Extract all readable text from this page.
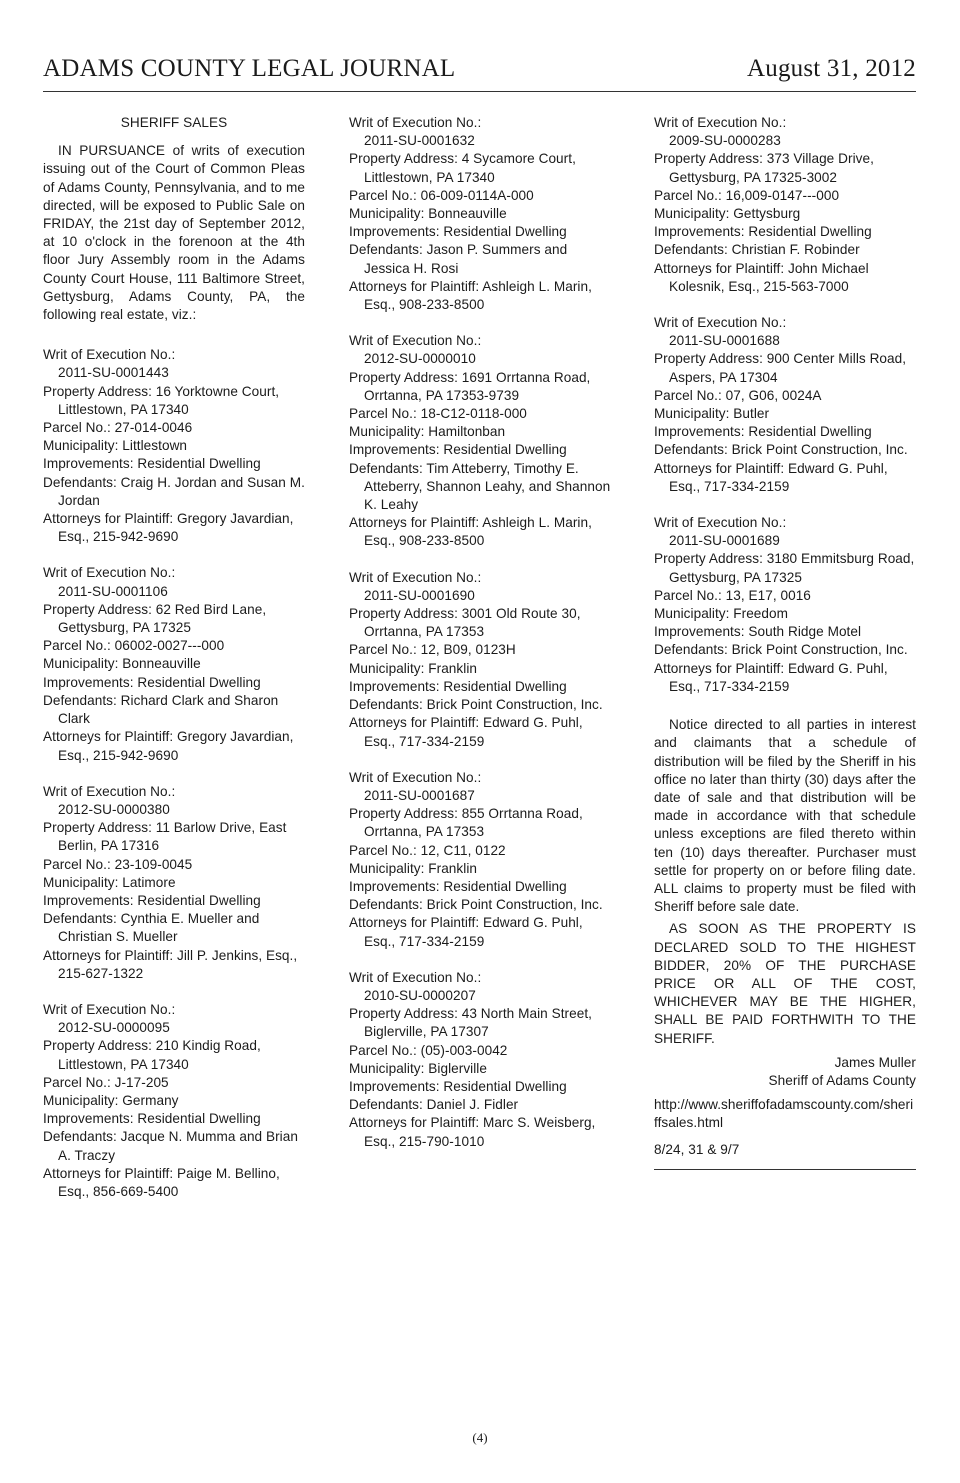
ADAMS COUNTY LEGAL JOURNAL	August 31, 2012
SHERIFF SALES
IN PURSUANCE of writs of execution issuing out of the Court of Common Pleas of Adams County, Pennsylvania, and to me directed, will be exposed to Public Sale on FRIDAY, the 21st day of September 2012, at 10 o'clock in the forenoon at the 4th floor Jury Assembly room in the Adams County Court House, 111 Baltimore Street, Gettysburg, Adams County, PA, the following real estate, viz.:
Writ of Execution No.:
2011-SU-0001443
Property Address: 16 Yorktowne Court, Littlestown, PA 17340
Parcel No.: 27-014-0046
Municipality: Littlestown
Improvements: Residential Dwelling
Defendants: Craig H. Jordan and Susan M. Jordan
Attorneys for Plaintiff: Gregory Javardian, Esq., 215-942-9690
Writ of Execution No.:
2011-SU-0001106
Property Address: 62 Red Bird Lane, Gettysburg, PA 17325
Parcel No.: 06002-0027---000
Municipality: Bonneauville
Improvements: Residential Dwelling
Defendants: Richard Clark and Sharon Clark
Attorneys for Plaintiff: Gregory Javardian, Esq., 215-942-9690
Writ of Execution No.:
2012-SU-0000380
Property Address: 11 Barlow Drive, East Berlin, PA 17316
Parcel No.: 23-109-0045
Municipality: Latimore
Improvements: Residential Dwelling
Defendants: Cynthia E. Mueller and Christian S. Mueller
Attorneys for Plaintiff: Jill P. Jenkins, Esq., 215-627-1322
Writ of Execution No.:
2012-SU-0000095
Property Address: 210 Kindig Road, Littlestown, PA 17340
Parcel No.: J-17-205
Municipality: Germany
Improvements: Residential Dwelling
Defendants: Jacque N. Mumma and Brian A. Traczy
Attorneys for Plaintiff: Paige M. Bellino, Esq., 856-669-5400
Writ of Execution No.:
2011-SU-0001632
Property Address: 4 Sycamore Court, Littlestown, PA 17340
Parcel No.: 06-009-0114A-000
Municipality: Bonneauville
Improvements: Residential Dwelling
Defendants: Jason P. Summers and Jessica H. Rosi
Attorneys for Plaintiff: Ashleigh L. Marin, Esq., 908-233-8500
Writ of Execution No.:
2012-SU-0000010
Property Address: 1691 Orrtanna Road, Orrtanna, PA 17353-9739
Parcel No.: 18-C12-0118-000
Municipality: Hamiltonban
Improvements: Residential Dwelling
Defendants: Tim Atteberry, Timothy E. Atteberry, Shannon Leahy, and Shannon K. Leahy
Attorneys for Plaintiff: Ashleigh L. Marin, Esq., 908-233-8500
Writ of Execution No.:
2011-SU-0001690
Property Address: 3001 Old Route 30, Orrtanna, PA 17353
Parcel No.: 12, B09, 0123H
Municipality: Franklin
Improvements: Residential Dwelling
Defendants: Brick Point Construction, Inc.
Attorneys for Plaintiff: Edward G. Puhl, Esq., 717-334-2159
Writ of Execution No.:
2011-SU-0001687
Property Address: 855 Orrtanna Road, Orrtanna, PA 17353
Parcel No.: 12, C11, 0122
Municipality: Franklin
Improvements: Residential Dwelling
Defendants: Brick Point Construction, Inc.
Attorneys for Plaintiff: Edward G. Puhl, Esq., 717-334-2159
Writ of Execution No.:
2010-SU-0000207
Property Address: 43 North Main Street, Biglerville, PA 17307
Parcel No.: (05)-003-0042
Municipality: Biglerville
Improvements: Residential Dwelling
Defendants: Daniel J. Fidler
Attorneys for Plaintiff: Marc S. Weisberg, Esq., 215-790-1010
Writ of Execution No.:
2009-SU-0000283
Property Address: 373 Village Drive, Gettysburg, PA 17325-3002
Parcel No.: 16,009-0147---000
Municipality: Gettysburg
Improvements: Residential Dwelling
Defendants: Christian F. Robinder
Attorneys for Plaintiff: John Michael Kolesnik, Esq., 215-563-7000
Writ of Execution No.:
2011-SU-0001688
Property Address: 900 Center Mills Road, Aspers, PA 17304
Parcel No.: 07, G06, 0024A
Municipality: Butler
Improvements: Residential Dwelling
Defendants: Brick Point Construction, Inc.
Attorneys for Plaintiff: Edward G. Puhl, Esq., 717-334-2159
Writ of Execution No.:
2011-SU-0001689
Property Address: 3180 Emmitsburg Road, Gettysburg, PA 17325
Parcel No.: 13, E17, 0016
Municipality: Freedom
Improvements: South Ridge Motel
Defendants: Brick Point Construction, Inc.
Attorneys for Plaintiff: Edward G. Puhl, Esq., 717-334-2159
Notice directed to all parties in interest and claimants that a schedule of distribution will be filed by the Sheriff in his office no later than thirty (30) days after the date of sale and that distribution will be made in accordance with that schedule unless exceptions are filed thereto within ten (10) days thereafter. Purchaser must settle for property on or before filing date. ALL claims to property must be filed with Sheriff before sale date.
AS SOON AS THE PROPERTY IS DECLARED SOLD TO THE HIGHEST BIDDER, 20% OF THE PURCHASE PRICE OR ALL OF THE COST, WHICHEVER MAY BE THE HIGHER, SHALL BE PAID FORTHWITH TO THE SHERIFF.
James Muller
Sheriff of Adams County
http://www.sheriffofadamscounty.com/sheriffsales.html
8/24, 31 & 9/7
(4)
